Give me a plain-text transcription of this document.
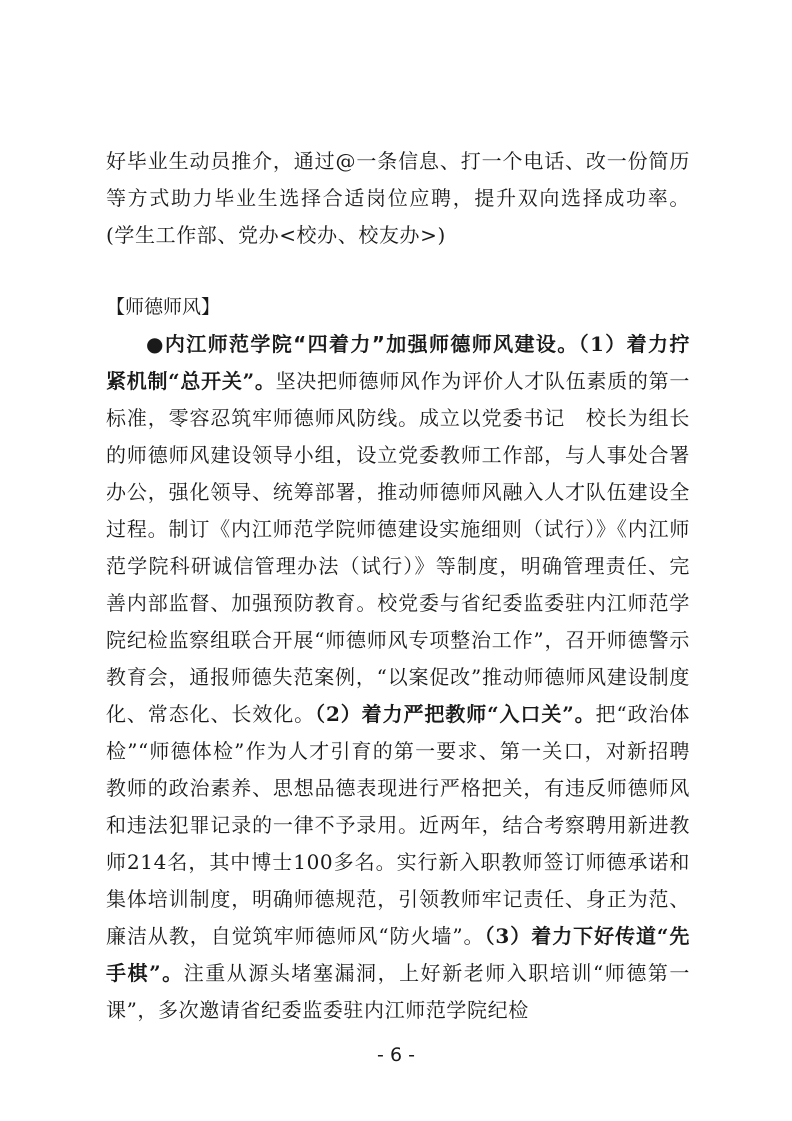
好毕业生动员推介，通过@一条信息、打一个电话、改一份简历等方式助力毕业生选择合适岗位应聘，提升双向选择成功率。(学生工作部、党办<校办、校友办>)

【师德师风】

●内江师范学院“四着力”加强师德师风建设。（1）着力拧紧机制“总开关”。坚决把师德师风作为评价人才队伍素质的第一标准，零容忍筑牢师德师风防线。成立以党委书记　校长为组长的师德师风建设领导小组，设立党委教师工作部，与人事处合署办公，强化领导、统筹部署，推动师德师风融入人才队伍建设全过程。制订《内江师范学院师德建设实施细则（试行）》《内江师范学院科研诚信管理办法（试行）》等制度，明确管理责任、完善内部监督、加强预防教育。校党委与省纪委监委驻内江师范学院纪检监察组联合开展“师德师风专项整治工作”，召开师德警示教育会，通报师德失范案例，“以案促改”推动师德师风建设制度化、常态化、长效化。（2）着力严把教师“入口关”。把“政治体检”“师德体检”作为人才引育的第一要求、第一关口，对新招聘教师的政治素养、思想品德表现进行严格把关，有违反师德师风和违法犯罪记录的一律不予录用。近两年，结合考察聘用新进教师214名，其中博士100多名。实行新入职教师签订师德承诺和集体培训制度，明确师德规范，引领教师牢记责任、身正为范、廉洁从教，自觉筑牢师德师风“防火墙”。（3）着力下好传道“先手棋”。注重从源头堵塞漏洞，上好新老师入职培训“师德第一课”，多次邀请省纪委监委驻内江师范学院纪检

- 6 -
